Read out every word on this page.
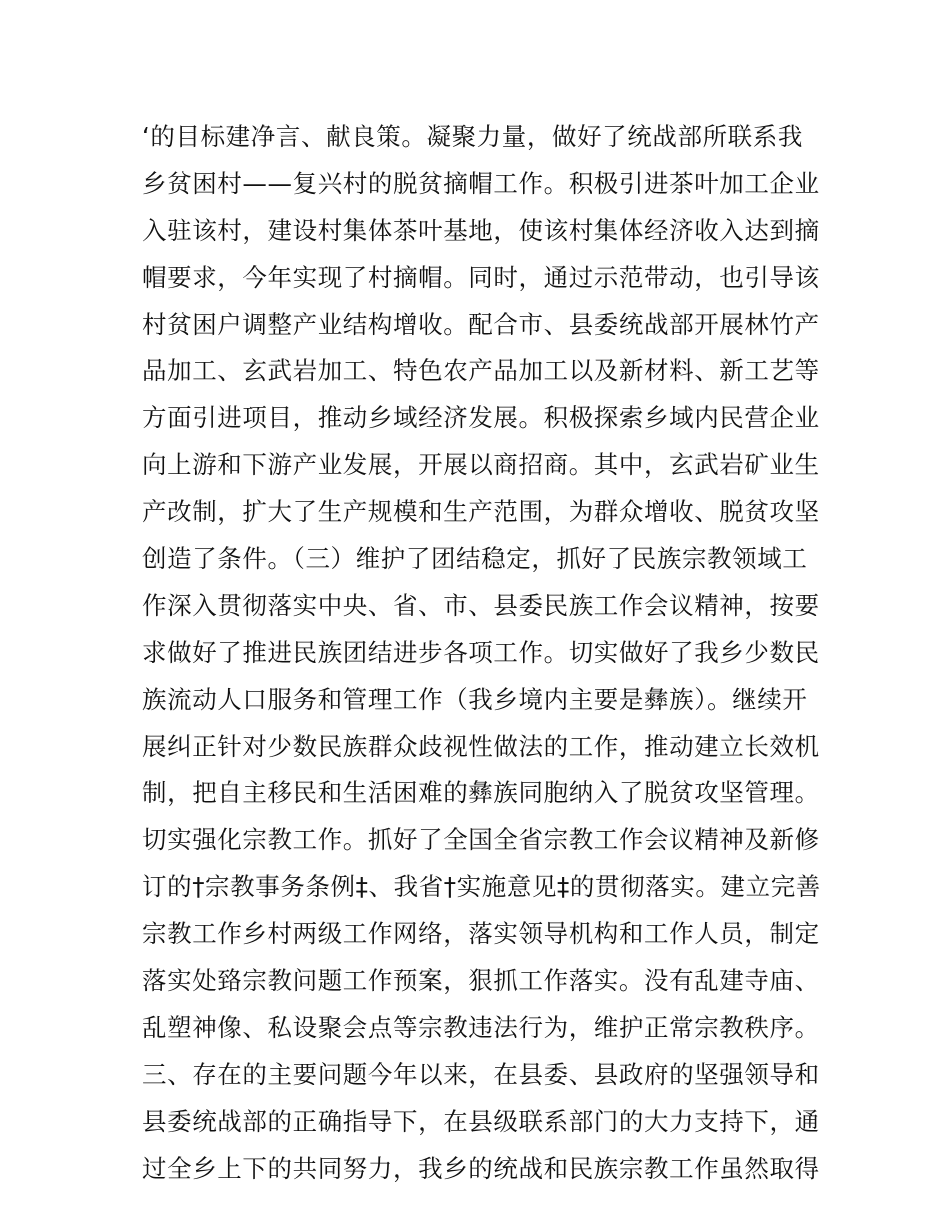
‘的目标建净言、献良策。凝聚力量，做好了统战部所联系我
乡贫困村——复兴村的脱贫摘帽工作。积极引进茶叶加工企业
入驻该村，建设村集体茶叶基地，使该村集体经济收入达到摘
帽要求，今年实现了村摘帽。同时，通过示范带动，也引导该
村贫困户调整产业结构增收。配合市、县委统战部开展林竹产
品加工、玄武岩加工、特色农产品加工以及新材料、新工艺等
方面引进项目，推动乡域经济发展。积极探索乡域内民营企业
向上游和下游产业发展，开展以商招商。其中，玄武岩矿业生
产改制，扩大了生产规模和生产范围，为群众增收、脱贫攻坚
创造了条件。（三）维护了团结稳定，抓好了民族宗教领域工
作深入贯彻落实中央、省、市、县委民族工作会议精神，按要
求做好了推进民族团结进步各项工作。切实做好了我乡少数民
族流动人口服务和管理工作（我乡境内主要是彝族）。继续开
展纠正针对少数民族群众歧视性做法的工作，推动建立长效机
制，把自主移民和生活困难的彝族同胞纳入了脱贫攻坚管理。
切实强化宗教工作。抓好了全国全省宗教工作会议精神及新修
订的†宗教事务条例‡、我省†实施意见‡的贯彻落实。建立完善
宗教工作乡村两级工作网络，落实领导机构和工作人员，制定
落实处臵宗教问题工作预案，狠抓工作落实。没有乱建寺庙、
乱塑神像、私设聚会点等宗教违法行为，维护正常宗教秩序。
三、存在的主要问题今年以来，在县委、县政府的坚强领导和
县委统战部的正确指导下，在县级联系部门的大力支持下，通
过全乡上下的共同努力，我乡的统战和民族宗教工作虽然取得
